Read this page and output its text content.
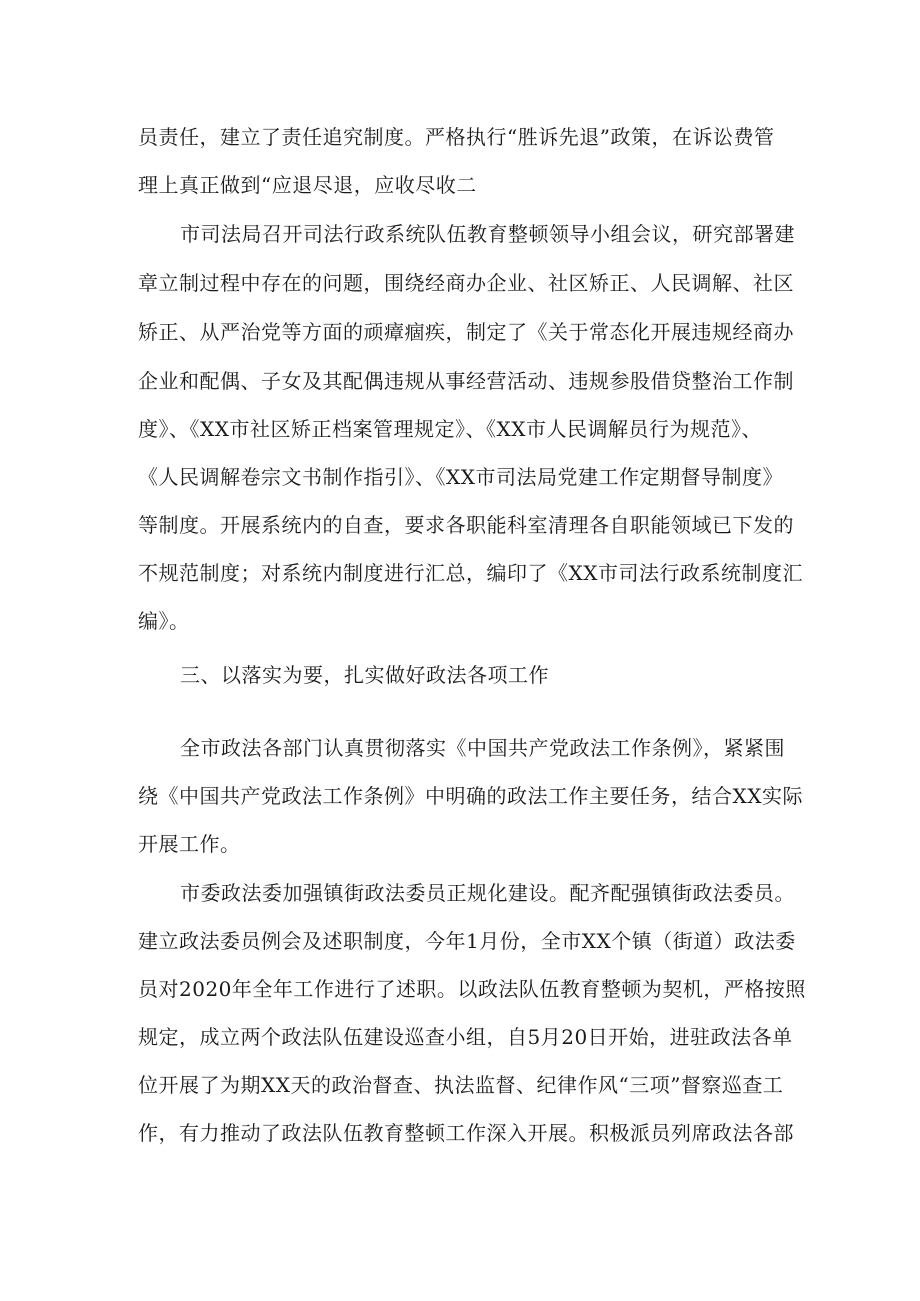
员责任，建立了责任追究制度。严格执行“胜诉先退”政策，在诉讼费管
理上真正做到“应退尽退，应收尽收二
市司法局召开司法行政系统队伍教育整顿领导小组会议，研究部署建
章立制过程中存在的问题，围绕经商办企业、社区矫正、人民调解、社区
矫正、从严治党等方面的顽瘴痼疾，制定了《关于常态化开展违规经商办
企业和配偶、子女及其配偶违规从事经营活动、违规参股借贷整治工作制
度》、《XX市社区矫正档案管理规定》、《XX市人民调解员行为规范》、
《人民调解卷宗文书制作指引》、《XX市司法局党建工作定期督导制度》
等制度。开展系统内的自查，要求各职能科室清理各自职能领域已下发的
不规范制度；对系统内制度进行汇总，编印了《XX市司法行政系统制度汇
编》。
三、以落实为要，扎实做好政法各项工作
全市政法各部门认真贯彻落实《中国共产党政法工作条例》，紧紧围
绕《中国共产党政法工作条例》中明确的政法工作主要任务，结合XX实际
开展工作。
市委政法委加强镇街政法委员正规化建设。配齐配强镇街政法委员。
建立政法委员例会及述职制度，今年1月份，全市XX个镇（街道）政法委
员对2020年全年工作进行了述职。以政法队伍教育整顿为契机，严格按照
规定，成立两个政法队伍建设巡查小组，自5月20日开始，进驻政法各单
位开展了为期XX天的政治督查、执法监督、纪律作风“三项”督察巡查工
作，有力推动了政法队伍教育整顿工作深入开展。积极派员列席政法各部
